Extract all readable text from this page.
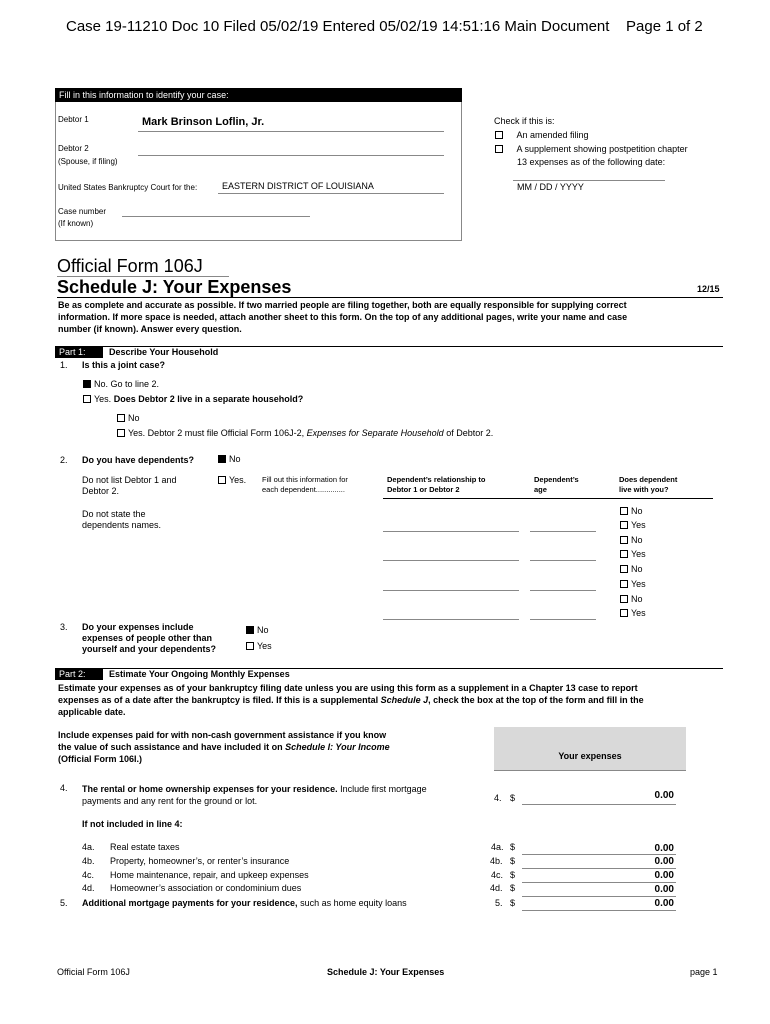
Case 19-11210 Doc 10 Filed 05/02/19 Entered 05/02/19 14:51:16 Main Document Page 1 of 2
Fill in this information to identify your case:
Debtor 1	Mark Brinson Loflin, Jr.
Debtor 2
(Spouse, if filing)
United States Bankruptcy Court for the:	EASTERN DISTRICT OF LOUISIANA
Case number
(If known)
Check if this is:
An amended filing
A supplement showing postpetition chapter
13 expenses as of the following date:
MM / DD / YYYY
Official Form 106J
Schedule J: Your Expenses	12/15
Be as complete and accurate as possible. If two married people are filing together, both are equally responsible for supplying correct
information. If more space is needed, attach another sheet to this form. On the top of any additional pages, write your name and case
number (if known). Answer every question.
Part 1:	Describe Your Household
1. Is this a joint case?
No. Go to line 2.
Yes. Does Debtor 2 live in a separate household?
No
Yes. Debtor 2 must file Official Form 106J-2, Expenses for Separate Household of Debtor 2.
2. Do you have dependents?	No
Do not list Debtor 1 and
Debtor 2.
Yes. Fill out this information for
each dependent..............
Dependent’s relationship to
Debtor 1 or Debtor 2
Dependent’s
age
Does dependent
live with you?
Do not state the
dependents names.
No
Yes
No
Yes
No
Yes
No
Yes
3. Do your expenses include
expenses of people other than
yourself and your dependents?
No
Yes
Part 2:	Estimate Your Ongoing Monthly Expenses
Estimate your expenses as of your bankruptcy filing date unless you are using this form as a supplement in a Chapter 13 case to report
expenses as of a date after the bankruptcy is filed. If this is a supplemental Schedule J, check the box at the top of the form and fill in the
applicable date.
Include expenses paid for with non-cash government assistance if you know
the value of such assistance and have included it on Schedule I: Your Income
(Official Form 106I.)	Your expenses
4. The rental or home ownership expenses for your residence. Include first mortgage
payments and any rent for the ground or lot.	4. $	0.00
If not included in line 4:
4a. Real estate taxes	4a. $	0.00
4b. Property, homeowner’s, or renter’s insurance	4b. $	0.00
4c. Home maintenance, repair, and upkeep expenses	4c. $	0.00
4d. Homeowner’s association or condominium dues	4d. $	0.00
5. Additional mortgage payments for your residence, such as home equity loans	5. $	0.00
Official Form 106J	Schedule J: Your Expenses	page 1
